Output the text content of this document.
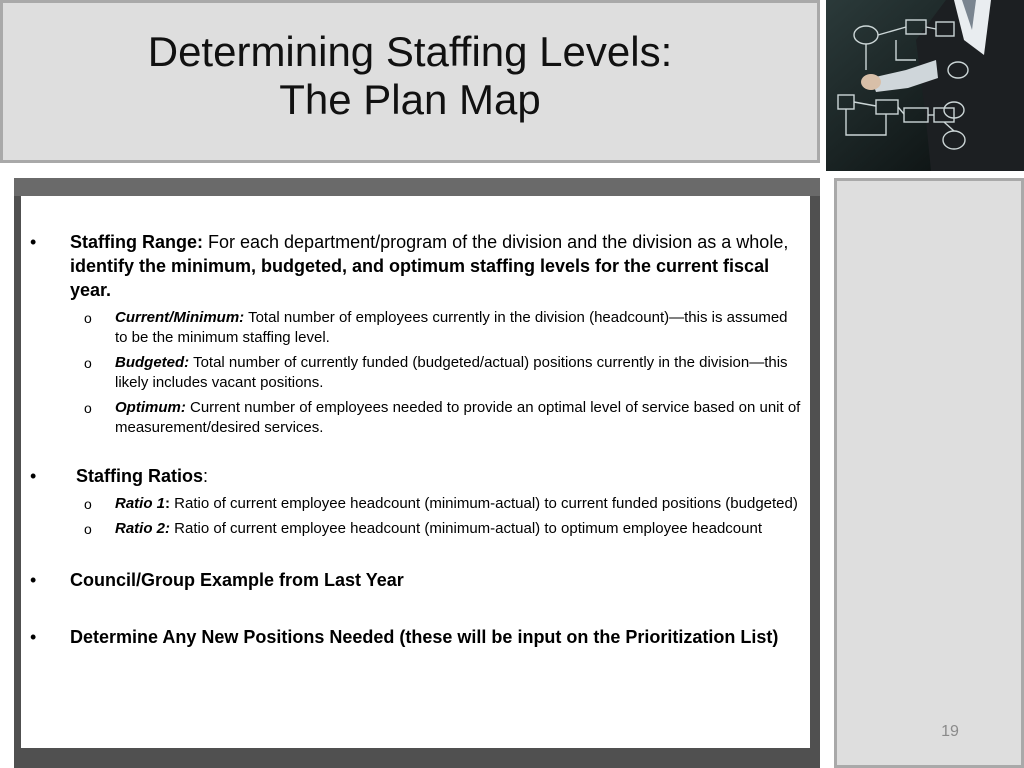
Determining Staffing Levels:
The Plan Map
•	Staffing Range: For each department/program of the division and the division as a whole, identify the minimum, budgeted, and optimum staffing levels for the current fiscal year.
o Current/Minimum: Total number of employees currently in the division (headcount)—this is assumed to be the minimum staffing level.
o Budgeted: Total number of currently funded (budgeted/actual) positions currently in the division—this likely includes vacant positions.
o Optimum: Current number of employees needed to provide an optimal level of service based on unit of measurement/desired services.
•	Staffing Ratios:
o Ratio 1: Ratio of current employee headcount (minimum-actual) to current funded positions (budgeted)
o Ratio 2: Ratio of current employee headcount (minimum-actual) to optimum employee headcount
•	Council/Group Example from Last Year
•	Determine Any New Positions Needed (these will be input on the Prioritization List)
19
